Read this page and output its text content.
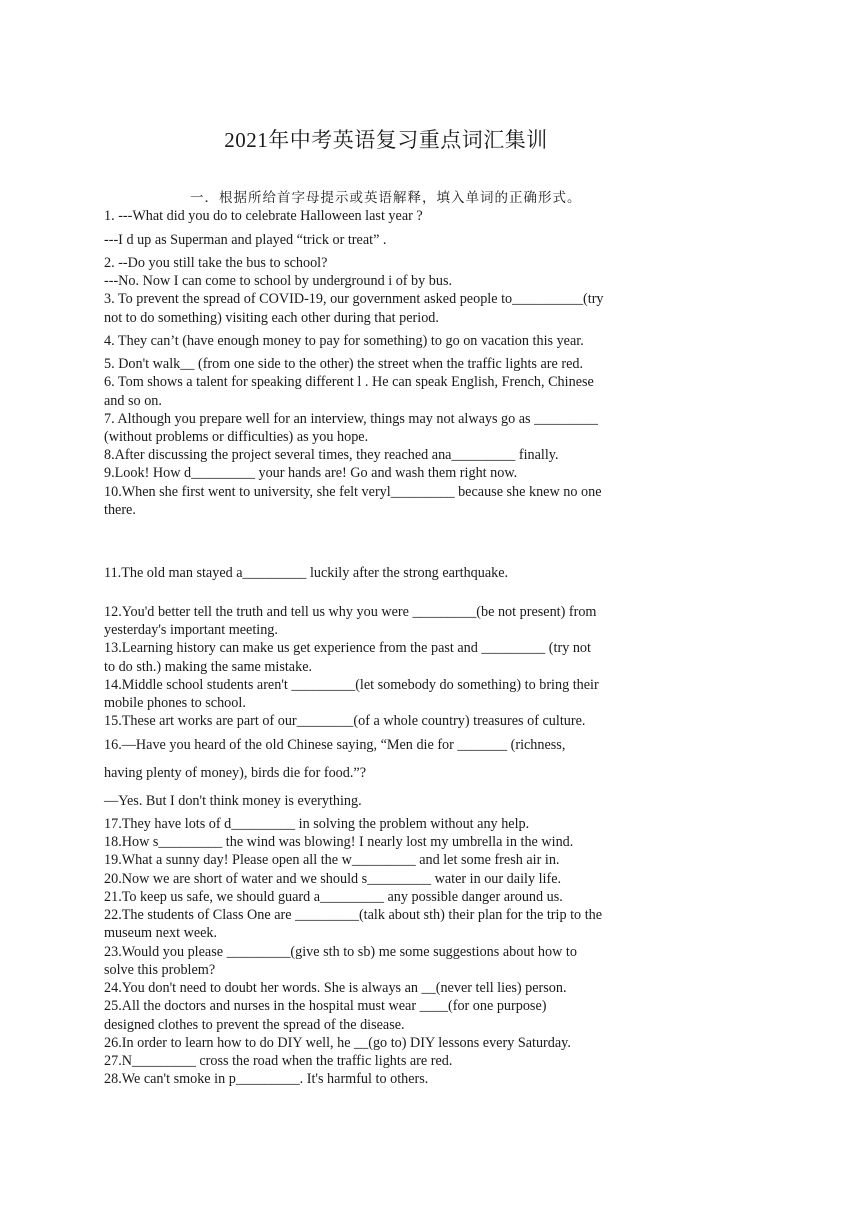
2021年中考英语复习重点词汇集训
一．根据所给首字母提示或英语解释，填入单词的正确形式。
1. ---What did you do to celebrate Halloween last year ?
---I d up as Superman and played “trick or treat” .
2. --Do you still take the bus to school?
---No. Now I can come to school by underground i of by bus.
3. To prevent the spread of COVID-19, our government asked people to__________(try
not to do something) visiting each other during that period.
4. They can’t (have enough money to pay for something) to go on vacation this year.
5. Don't walk__ (from one side to the other) the street when the traffic lights are red.
6. Tom shows a talent for speaking different l . He can speak English, French, Chinese
and so on.
7. Although you prepare well for an interview, things may not always go as _________
(without problems or difficulties) as you hope.
8.After discussing the project several times, they reached ana_________ finally.
9.Look! How d_________ your hands are! Go and wash them right now.
10.When she first went to university, she felt veryl_________ because she knew no one
there.
11.The old man stayed a_________ luckily after the strong earthquake.
12.You'd better tell the truth and tell us why you were _________(be not present) from
yesterday's important meeting.
13.Learning history can make us get experience from the past and _________ (try not
to do sth.) making the same mistake.
14.Middle school students aren't _________(let somebody do something) to bring their
mobile phones to school.
15.These art works are part of our________(of a whole country) treasures of culture.
16.—Have you heard of the old Chinese saying, “Men die for _______ (richness,
having plenty of money), birds die for food.”?
—Yes. But I don't think money is everything.
17.They have lots of d_________ in solving the problem without any help.
18.How s_________ the wind was blowing! I nearly lost my umbrella in the wind.
19.What a sunny day! Please open all the w_________ and let some fresh air in.
20.Now we are short of water and we should s_________ water in our daily life.
21.To keep us safe, we should guard a_________ any possible danger around us.
22.The students of Class One are _________(talk about sth) their plan for the trip to the
museum next week.
23.Would you please _________(give sth to sb) me some suggestions about how to
solve this problem?
24.You don't need to doubt her words. She is always an __(never tell lies) person.
25.All the doctors and nurses in the hospital must wear ____(for one purpose)
designed clothes to prevent the spread of the disease.
26.In order to learn how to do DIY well, he __(go to) DIY lessons every Saturday.
27.N_________ cross the road when the traffic lights are red.
28.We can't smoke in p_________. It's harmful to others.
